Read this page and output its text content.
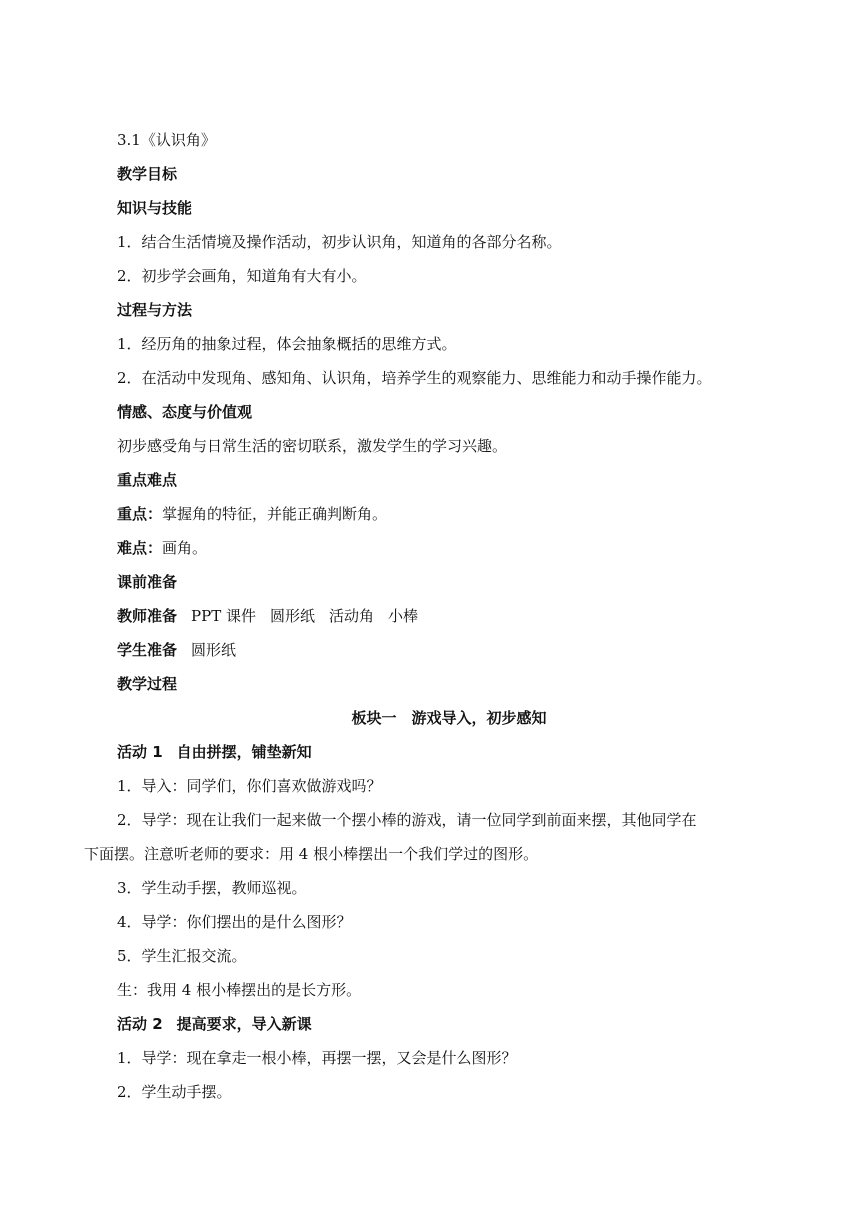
3.1《认识角》
教学目标
知识与技能
1．结合生活情境及操作活动，初步认识角，知道角的各部分名称。
2．初步学会画角，知道角有大有小。
过程与方法
1．经历角的抽象过程，体会抽象概括的思维方式。
2．在活动中发现角、感知角、认识角，培养学生的观察能力、思维能力和动手操作能力。
情感、态度与价值观
初步感受角与日常生活的密切联系，激发学生的学习兴趣。
重点难点
重点：掌握角的特征，并能正确判断角。
难点：画角。
课前准备
教师准备 PPT 课件 圆形纸 活动角 小棒
学生准备 圆形纸
教学过程
板块一　游戏导入，初步感知
活动 1 自由拼摆，铺垫新知
1．导入：同学们，你们喜欢做游戏吗？
2．导学：现在让我们一起来做一个摆小棒的游戏，请一位同学到前面来摆，其他同学在
下面摆。注意听老师的要求：用 4 根小棒摆出一个我们学过的图形。
3．学生动手摆，教师巡视。
4．导学：你们摆出的是什么图形？
5．学生汇报交流。
生：我用 4 根小棒摆出的是长方形。
活动 2 提高要求，导入新课
1．导学：现在拿走一根小棒，再摆一摆，又会是什么图形？
2．学生动手摆。
